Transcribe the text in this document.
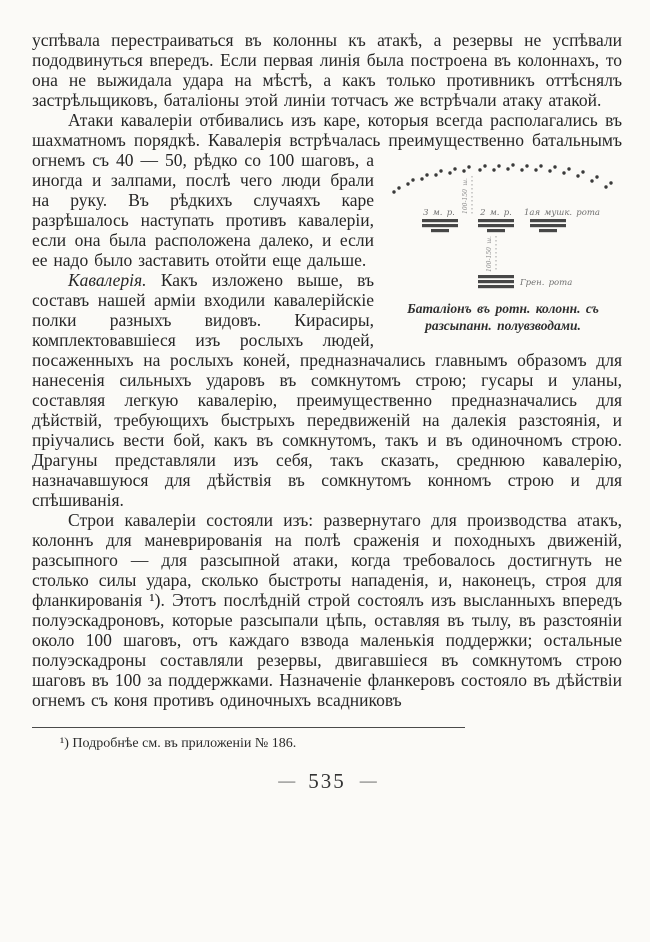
успѣвала перестраиваться въ колонны къ атакѣ, а резервы не успѣвали пододвинуться впередъ. Если первая линія была построена въ колоннахъ, то она не выжидала удара на мѣстѣ, а какъ только противникъ оттѣснялъ застрѣльщиковъ, баталіоны этой линіи тотчасъ же встрѣчали атаку атакой.

Атаки кавалеріи отбивались изъ каре, которыя всегда располагались въ шахматномъ порядкѣ. Кавалерія встрѣчалась преимущественно батальнымъ огнемъ съ 40 — 50, рѣдко со 100 шаговъ,
100-150 ш.
3 м. р.	2 м. р. 1ая мушк. рота
100-150 ш.
Грен. рота
Баталіонъ въ ротн. колонн. съ разсыпанн. полувзводами.
а иногда и залпами, послѣ чего люди брали на руку. Въ рѣдкихъ случаяхъ каре разрѣшалось наступать противъ кавалеріи, если она была расположена далеко, и если ее надо было заставить отойти еще дальше.

Кавалерія. Какъ изложено выше, въ составъ нашей арміи входили кавалерійскіе полки разныхъ видовъ. Кирасиры, комплектовавшіеся изъ рослыхъ людей, посаженныхъ на рослыхъ коней, предназначались главнымъ образомъ для нанесенія сильныхъ ударовъ въ сомкнутомъ строю; гусары и уланы, составляя легкую кавалерію, преимущественно предназначались для дѣйствій, требующихъ быстрыхъ передвиженій на далекія разстоянія, и пріучались вести бой, какъ въ сомкнутомъ, такъ и въ одиночномъ строю. Драгуны представляли изъ себя, такъ сказать, среднюю кавалерію, назначавшуюся для дѣйствія въ сомкнутомъ конномъ строю и для спѣшиванія.

Строи кавалеріи состояли изъ: развернутаго для производства атакъ, колоннъ для маневрированія на полѣ сраженія и походныхъ движеній, разсыпного — для разсыпной атаки, когда требовалось достигнуть не столько силы удара, сколько быстроты нападенія, и, наконецъ, строя для фланкированія ¹). Этотъ послѣдній строй состоялъ изъ высланныхъ впередъ полуэскадроновъ, которые разсыпали цѣпь, оставляя въ тылу, въ разстояніи около 100 шаговъ, отъ каждаго взвода маленькія поддержки; остальные полуэскадроны составляли резервы, двигавшіеся въ сомкнутомъ строю шаговъ въ 100 за поддержками. Назначеніе фланкеровъ состояло въ дѣйствіи огнемъ съ коня противъ одиночныхъ всадниковъ

¹) Подробнѣе см. въ приложеніи № 186.

— 535 —
